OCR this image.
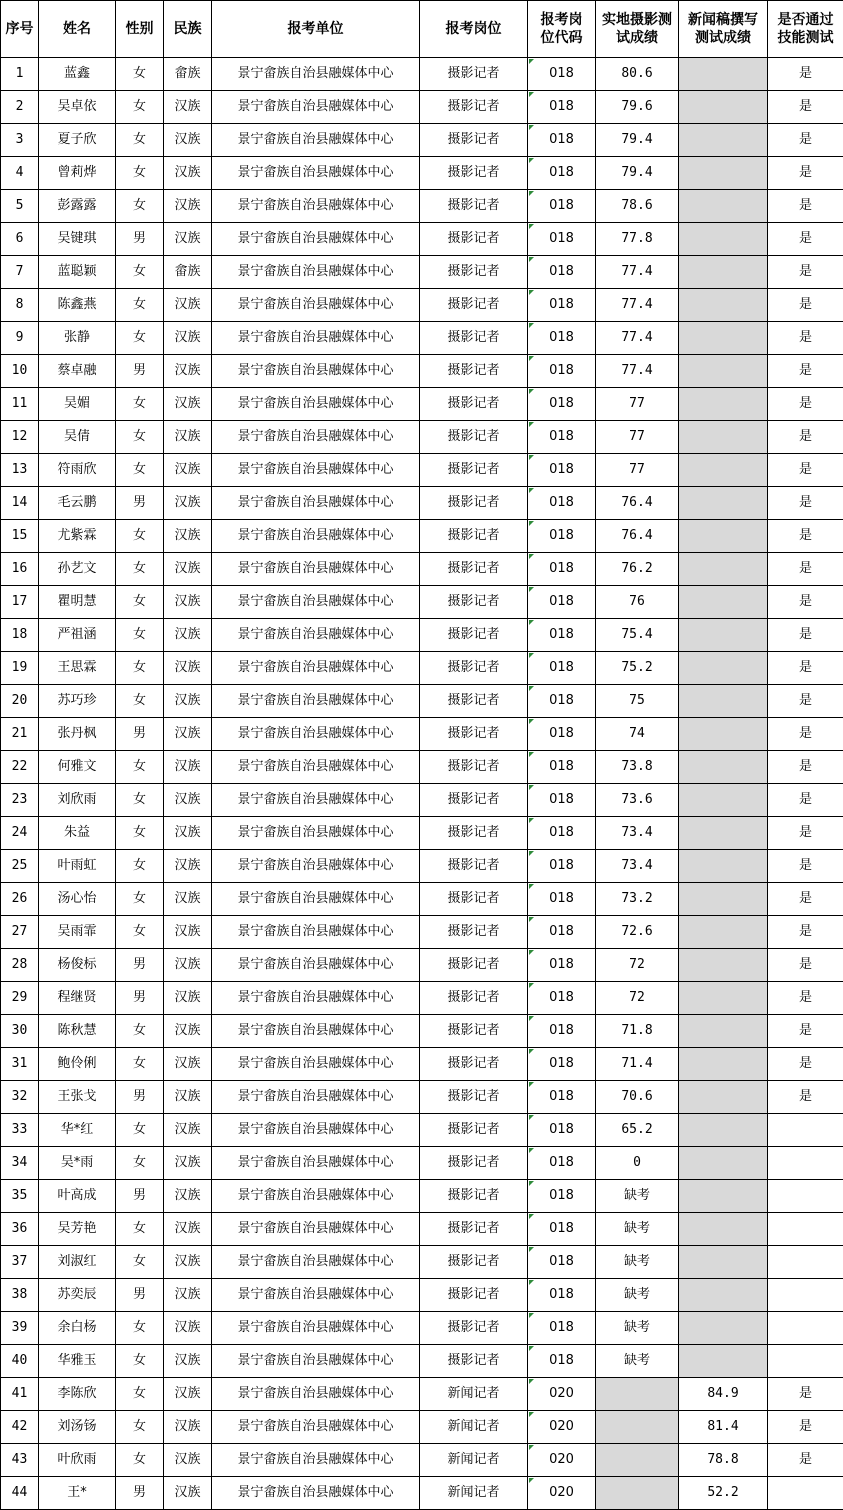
序号	姓名	性别	民族	报考单位	报考岗位	报考岗位代码	实地摄影测试成绩	新闻稿撰写测试成绩	是否通过技能测试
1	蓝鑫	女	畲族	景宁畲族自治县融媒体中心	摄影记者	018	80.6		是
2	吴卓依	女	汉族	景宁畲族自治县融媒体中心	摄影记者	018	79.6		是
3	夏子欣	女	汉族	景宁畲族自治县融媒体中心	摄影记者	018	79.4		是
4	曾莉烨	女	汉族	景宁畲族自治县融媒体中心	摄影记者	018	79.4		是
5	彭露露	女	汉族	景宁畲族自治县融媒体中心	摄影记者	018	78.6		是
6	吴键琪	男	汉族	景宁畲族自治县融媒体中心	摄影记者	018	77.8		是
7	蓝聪颖	女	畲族	景宁畲族自治县融媒体中心	摄影记者	018	77.4		是
8	陈鑫燕	女	汉族	景宁畲族自治县融媒体中心	摄影记者	018	77.4		是
9	张静	女	汉族	景宁畲族自治县融媒体中心	摄影记者	018	77.4		是
10	蔡卓融	男	汉族	景宁畲族自治县融媒体中心	摄影记者	018	77.4		是
11	吴媚	女	汉族	景宁畲族自治县融媒体中心	摄影记者	018	77		是
12	吴倩	女	汉族	景宁畲族自治县融媒体中心	摄影记者	018	77		是
13	符雨欣	女	汉族	景宁畲族自治县融媒体中心	摄影记者	018	77		是
14	毛云鹏	男	汉族	景宁畲族自治县融媒体中心	摄影记者	018	76.4		是
15	尤紫霖	女	汉族	景宁畲族自治县融媒体中心	摄影记者	018	76.4		是
16	孙艺文	女	汉族	景宁畲族自治县融媒体中心	摄影记者	018	76.2		是
17	瞿明慧	女	汉族	景宁畲族自治县融媒体中心	摄影记者	018	76		是
18	严祖涵	女	汉族	景宁畲族自治县融媒体中心	摄影记者	018	75.4		是
19	王思霖	女	汉族	景宁畲族自治县融媒体中心	摄影记者	018	75.2		是
20	苏巧珍	女	汉族	景宁畲族自治县融媒体中心	摄影记者	018	75		是
21	张丹枫	男	汉族	景宁畲族自治县融媒体中心	摄影记者	018	74		是
22	何雅文	女	汉族	景宁畲族自治县融媒体中心	摄影记者	018	73.8		是
23	刘欣雨	女	汉族	景宁畲族自治县融媒体中心	摄影记者	018	73.6		是
24	朱益	女	汉族	景宁畲族自治县融媒体中心	摄影记者	018	73.4		是
25	叶雨虹	女	汉族	景宁畲族自治县融媒体中心	摄影记者	018	73.4		是
26	汤心怡	女	汉族	景宁畲族自治县融媒体中心	摄影记者	018	73.2		是
27	吴雨霏	女	汉族	景宁畲族自治县融媒体中心	摄影记者	018	72.6		是
28	杨俊标	男	汉族	景宁畲族自治县融媒体中心	摄影记者	018	72		是
29	程继贤	男	汉族	景宁畲族自治县融媒体中心	摄影记者	018	72		是
30	陈秋慧	女	汉族	景宁畲族自治县融媒体中心	摄影记者	018	71.8		是
31	鲍伶俐	女	汉族	景宁畲族自治县融媒体中心	摄影记者	018	71.4		是
32	王张戈	男	汉族	景宁畲族自治县融媒体中心	摄影记者	018	70.6		是
33	华*红	女	汉族	景宁畲族自治县融媒体中心	摄影记者	018	65.2		
34	吴*雨	女	汉族	景宁畲族自治县融媒体中心	摄影记者	018	0		
35	叶高成	男	汉族	景宁畲族自治县融媒体中心	摄影记者	018	缺考		
36	吴芳艳	女	汉族	景宁畲族自治县融媒体中心	摄影记者	018	缺考		
37	刘淑红	女	汉族	景宁畲族自治县融媒体中心	摄影记者	018	缺考		
38	苏奕辰	男	汉族	景宁畲族自治县融媒体中心	摄影记者	018	缺考		
39	余白杨	女	汉族	景宁畲族自治县融媒体中心	摄影记者	018	缺考		
40	华雅玉	女	汉族	景宁畲族自治县融媒体中心	摄影记者	018	缺考		
41	李陈欣	女	汉族	景宁畲族自治县融媒体中心	新闻记者	020		84.9	是
42	刘汤钖	女	汉族	景宁畲族自治县融媒体中心	新闻记者	020		81.4	是
43	叶欣雨	女	汉族	景宁畲族自治县融媒体中心	新闻记者	020		78.8	是
44	王*	男	汉族	景宁畲族自治县融媒体中心	新闻记者	020		52.2	
